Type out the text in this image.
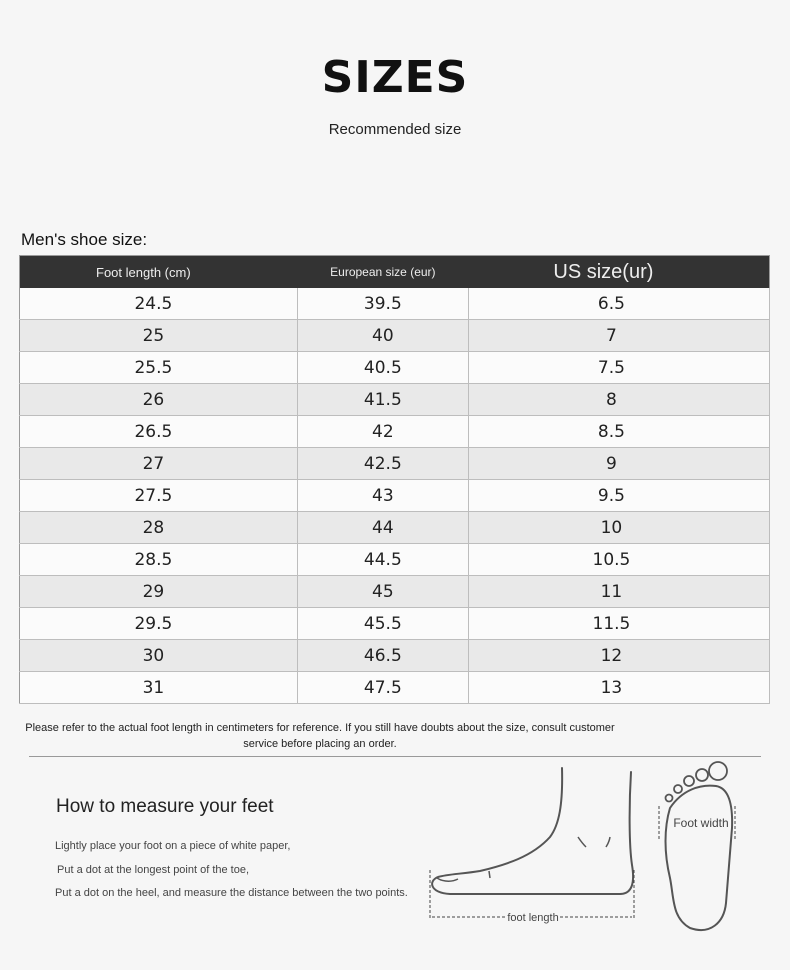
SIZES
Recommended size
Men's shoe size:
Foot length (cm)	European size (eur)	US size(ur)
24.5	39.5	6.5
25	40	7
25.5	40.5	7.5
26	41.5	8
26.5	42	8.5
27	42.5	9
27.5	43	9.5
28	44	10
28.5	44.5	10.5
29	45	11
29.5	45.5	11.5
30	46.5	12
31	47.5	13
Please refer to the actual foot length in centimeters for reference. If you still have doubts about the size, consult customer service before placing an order.
How to measure your feet
Lightly place your foot on a piece of white paper,
Put a dot at the longest point of the toe,
Put a dot on the heel, and measure the distance between the two points.
foot length
Foot width
